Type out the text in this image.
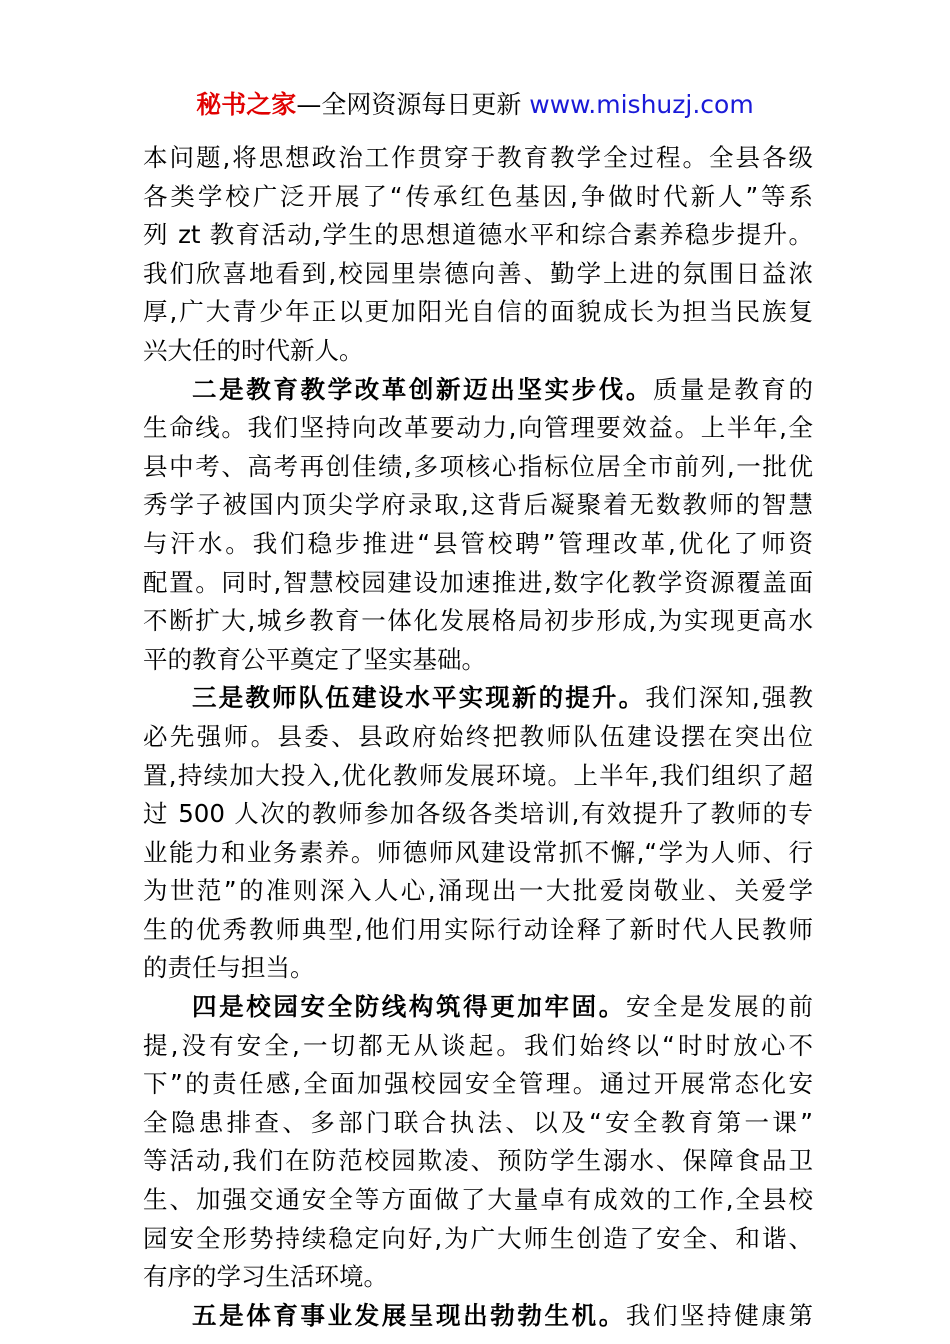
秘书之家—全网资源每日更新 www.mishuzj.com
本问题,将思想政治工作贯穿于教育教学全过程。全县各级
各类学校广泛开展了“传承红色基因,争做时代新人”等系
列 zt 教育活动,学生的思想道德水平和综合素养稳步提升。
我们欣喜地看到,校园里崇德向善、勤学上进的氛围日益浓
厚,广大青少年正以更加阳光自信的面貌成长为担当民族复
兴大任的时代新人。
二是教育教学改革创新迈出坚实步伐。质量是教育的
生命线。我们坚持向改革要动力,向管理要效益。上半年,全
县中考、高考再创佳绩,多项核心指标位居全市前列,一批优
秀学子被国内顶尖学府录取,这背后凝聚着无数教师的智慧
与汗水。我们稳步推进“县管校聘”管理改革,优化了师资
配置。同时,智慧校园建设加速推进,数字化教学资源覆盖面
不断扩大,城乡教育一体化发展格局初步形成,为实现更高水
平的教育公平奠定了坚实基础。
三是教师队伍建设水平实现新的提升。我们深知,强教
必先强师。县委、县政府始终把教师队伍建设摆在突出位
置,持续加大投入,优化教师发展环境。上半年,我们组织了超
过 500 人次的教师参加各级各类培训,有效提升了教师的专
业能力和业务素养。师德师风建设常抓不懈,“学为人师、行
为世范”的准则深入人心,涌现出一大批爱岗敬业、关爱学
生的优秀教师典型,他们用实际行动诠释了新时代人民教师
的责任与担当。
四是校园安全防线构筑得更加牢固。安全是发展的前
提,没有安全,一切都无从谈起。我们始终以“时时放心不
下”的责任感,全面加强校园安全管理。通过开展常态化安
全隐患排查、多部门联合执法、以及“安全教育第一课”
等活动,我们在防范校园欺凌、预防学生溺水、保障食品卫
生、加强交通安全等方面做了大量卓有成效的工作,全县校
园安全形势持续稳定向好,为广大师生创造了安全、和谐、
有序的学习生活环境。
五是体育事业发展呈现出勃勃生机。我们坚持健康第
